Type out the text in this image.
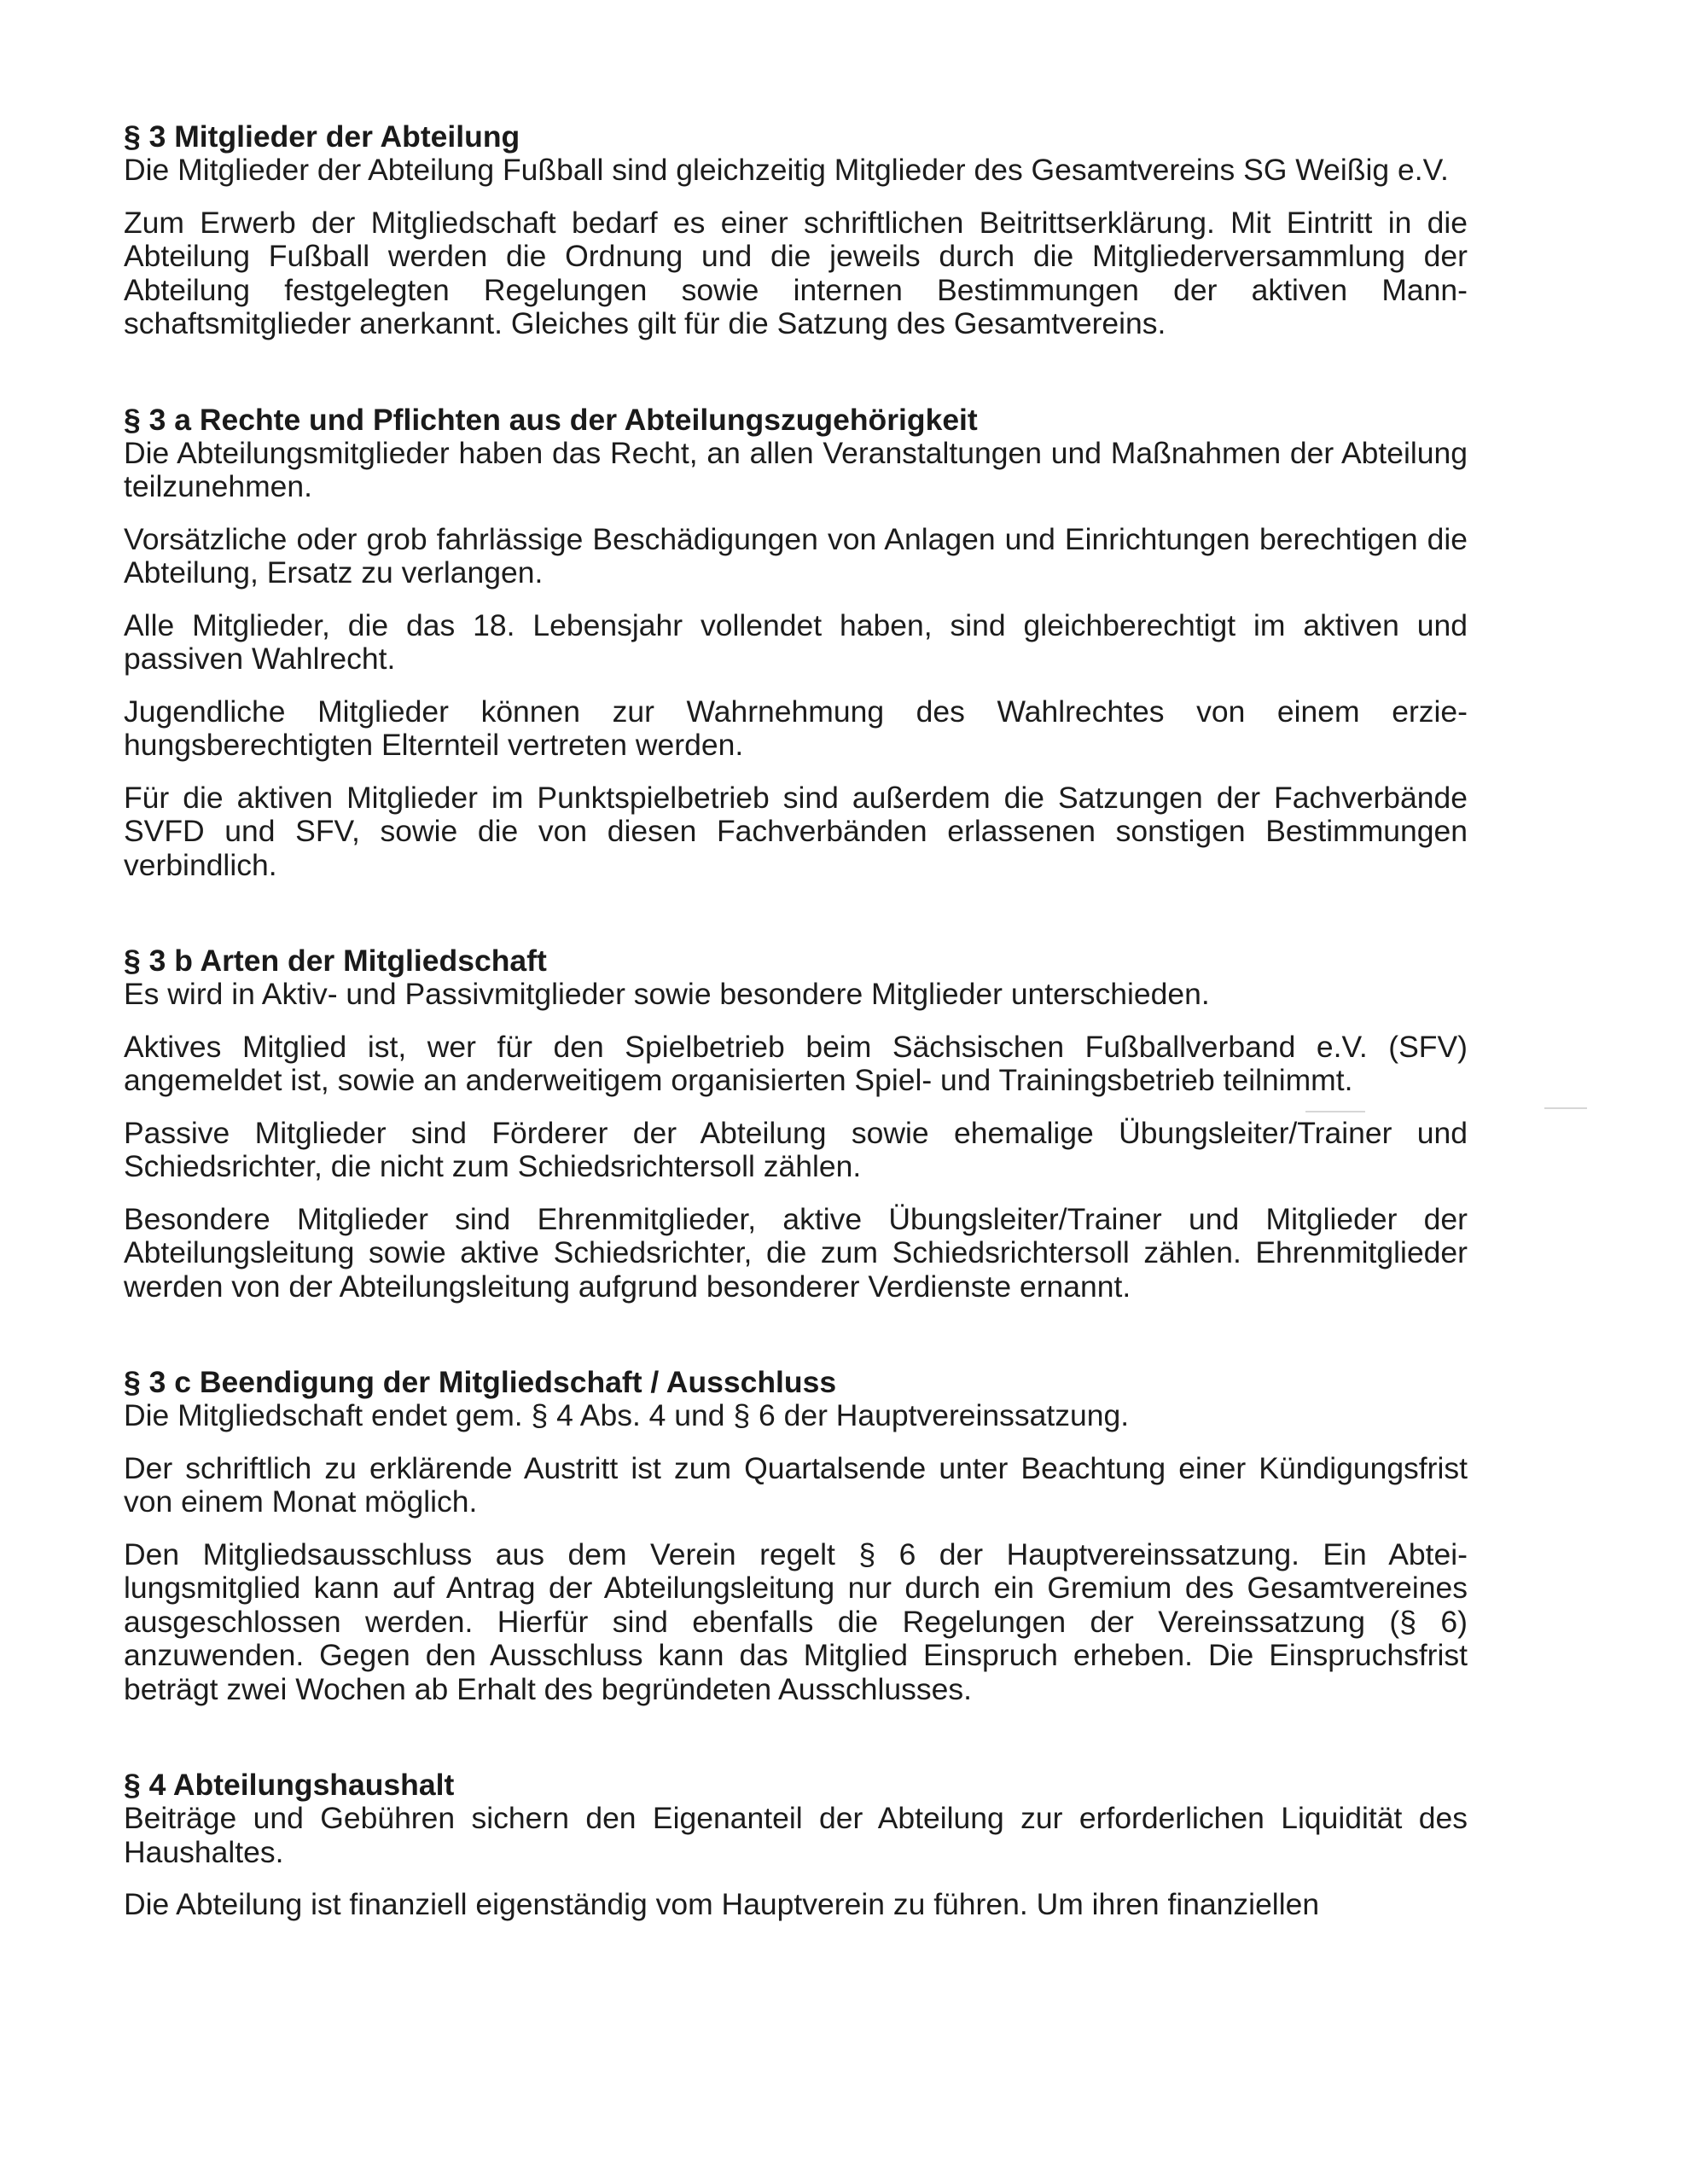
§ 3 Mitglieder der Abteilung

Die Mitglieder der Abteilung Fußball sind gleichzeitig Mitglieder des Gesamtvereins SG Weißig e.V.

Zum Erwerb der Mitgliedschaft bedarf es einer schriftlichen Beitrittserklärung. Mit Eintritt in die Abteilung Fußball werden die Ordnung und die jeweils durch die Mitgliederversammlung der Abteilung festgelegten Regelungen sowie internen Bestimmungen der aktiven Mannschaftsmitglieder anerkannt. Gleiches gilt für die Satzung des Gesamtvereins.

§ 3 a Rechte und Pflichten aus der Abteilungszugehörigkeit

Die Abteilungsmitglieder haben das Recht, an allen Veranstaltungen und Maßnahmen der Abteilung teilzunehmen.

Vorsätzliche oder grob fahrlässige Beschädigungen von Anlagen und Einrichtungen berechtigen die Abteilung, Ersatz zu verlangen.

Alle Mitglieder, die das 18. Lebensjahr vollendet haben, sind gleichberechtigt im aktiven und passiven Wahlrecht.

Jugendliche Mitglieder können zur Wahrnehmung des Wahlrechtes von einem erziehungsberechtigten Elternteil vertreten werden.

Für die aktiven Mitglieder im Punktspielbetrieb sind außerdem die Satzungen der Fachverbände SVFD und SFV, sowie die von diesen Fachverbänden erlassenen sonstigen Bestimmungen verbindlich.

§ 3 b Arten der Mitgliedschaft

Es wird in Aktiv- und Passivmitglieder sowie besondere Mitglieder unterschieden.

Aktives Mitglied ist, wer für den Spielbetrieb beim Sächsischen Fußballverband e.V. (SFV) angemeldet ist, sowie an anderweitigem organisierten Spiel- und Trainingsbetrieb teilnimmt.

Passive Mitglieder sind Förderer der Abteilung sowie ehemalige Übungsleiter/Trainer und Schiedsrichter, die nicht zum Schiedsrichtersoll zählen.

Besondere Mitglieder sind Ehrenmitglieder, aktive Übungsleiter/Trainer und Mitglieder der Abteilungsleitung sowie aktive Schiedsrichter, die zum Schiedsrichtersoll zählen. Ehrenmitglieder werden von der Abteilungsleitung aufgrund besonderer Verdienste ernannt.

§ 3 c Beendigung der Mitgliedschaft / Ausschluss

Die Mitgliedschaft endet gem. § 4 Abs. 4 und § 6 der Hauptvereinssatzung.

Der schriftlich zu erklärende Austritt ist zum Quartalsende unter Beachtung einer Kündigungsfrist von einem Monat möglich.

Den Mitgliedsausschluss aus dem Verein regelt § 6 der Hauptvereinssatzung. Ein Abteilungsmitglied kann auf Antrag der Abteilungsleitung nur durch ein Gremium des Gesamtvereines ausgeschlossen werden. Hierfür sind ebenfalls die Regelungen der Vereinssatzung (§ 6) anzuwenden. Gegen den Ausschluss kann das Mitglied Einspruch erheben. Die Einspruchsfrist beträgt zwei Wochen ab Erhalt des begründeten Ausschlusses.

§ 4 Abteilungshaushalt

Beiträge und Gebühren sichern den Eigenanteil der Abteilung zur erforderlichen Liquidität des Haushaltes.

Die Abteilung ist finanziell eigenständig vom Hauptverein zu führen. Um ihren finanziellen
